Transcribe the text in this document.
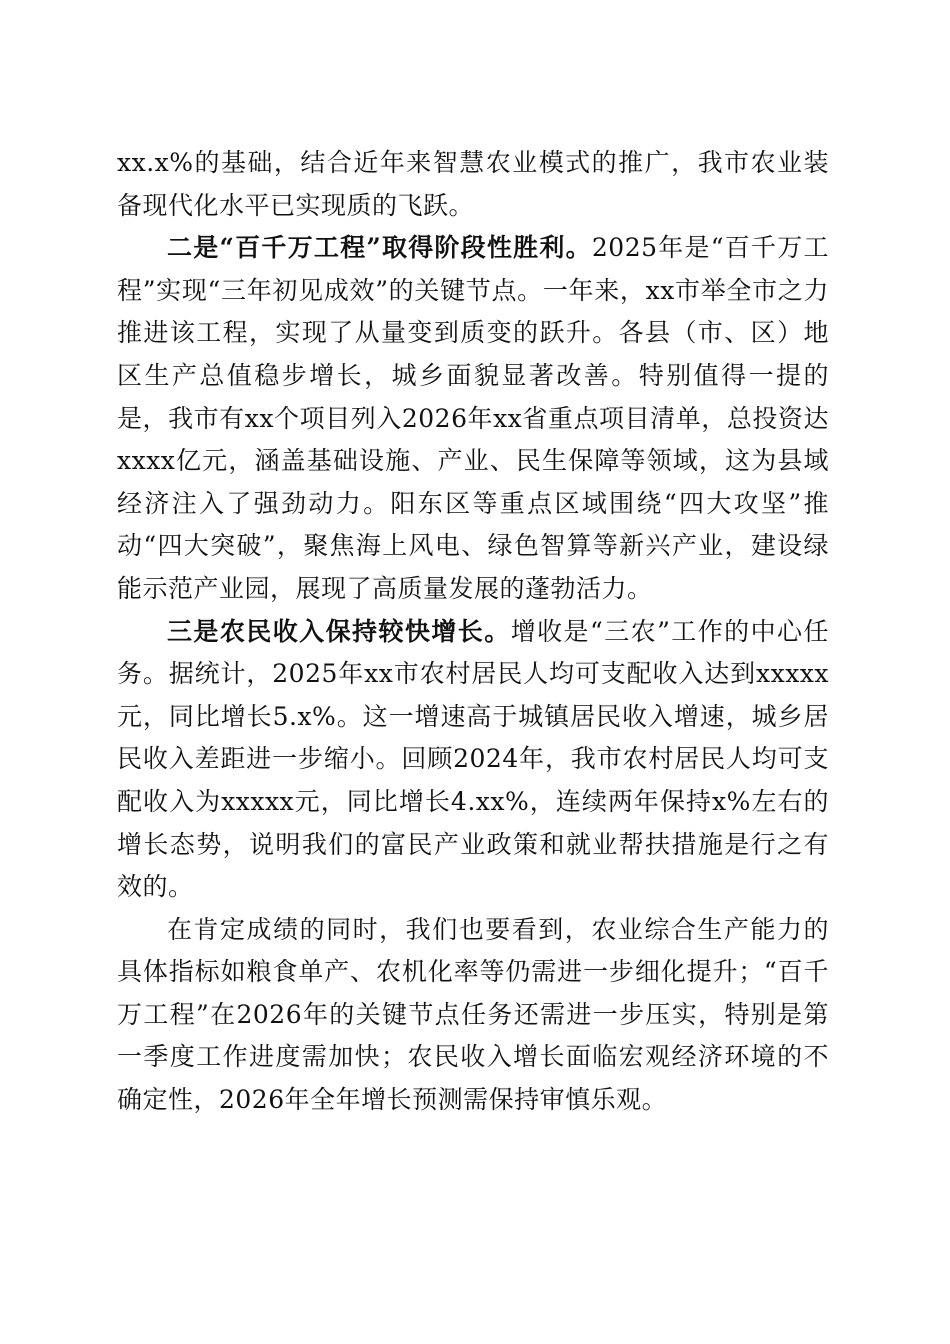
xx.x%的基础，结合近年来智慧农业模式的推广，我市农业装备现代化水平已实现质的飞跃。

二是“百千万工程”取得阶段性胜利。2025年是“百千万工程”实现“三年初见成效”的关键节点。一年来，xx市举全市之力推进该工程，实现了从量变到质变的跃升。各县（市、区）地区生产总值稳步增长，城乡面貌显著改善。特别值得一提的是，我市有xx个项目列入2026年xx省重点项目清单，总投资达xxxx亿元，涵盖基础设施、产业、民生保障等领域，这为县域经济注入了强劲动力。阳东区等重点区域围绕“四大攻坚”推动“四大突破”，聚焦海上风电、绿色智算等新兴产业，建设绿能示范产业园，展现了高质量发展的蓬勃活力。

三是农民收入保持较快增长。增收是“三农”工作的中心任务。据统计，2025年xx市农村居民人均可支配收入达到xxxxx元，同比增长5.x%。这一增速高于城镇居民收入增速，城乡居民收入差距进一步缩小。回顾2024年，我市农村居民人均可支配收入为xxxxx元，同比增长4.xx%，连续两年保持x%左右的增长态势，说明我们的富民产业政策和就业帮扶措施是行之有效的。

在肯定成绩的同时，我们也要看到，农业综合生产能力的具体指标如粮食单产、农机化率等仍需进一步细化提升；“百千万工程”在2026年的关键节点任务还需进一步压实，特别是第一季度工作进度需加快；农民收入增长面临宏观经济环境的不确定性，2026年全年增长预测需保持审慎乐观。
